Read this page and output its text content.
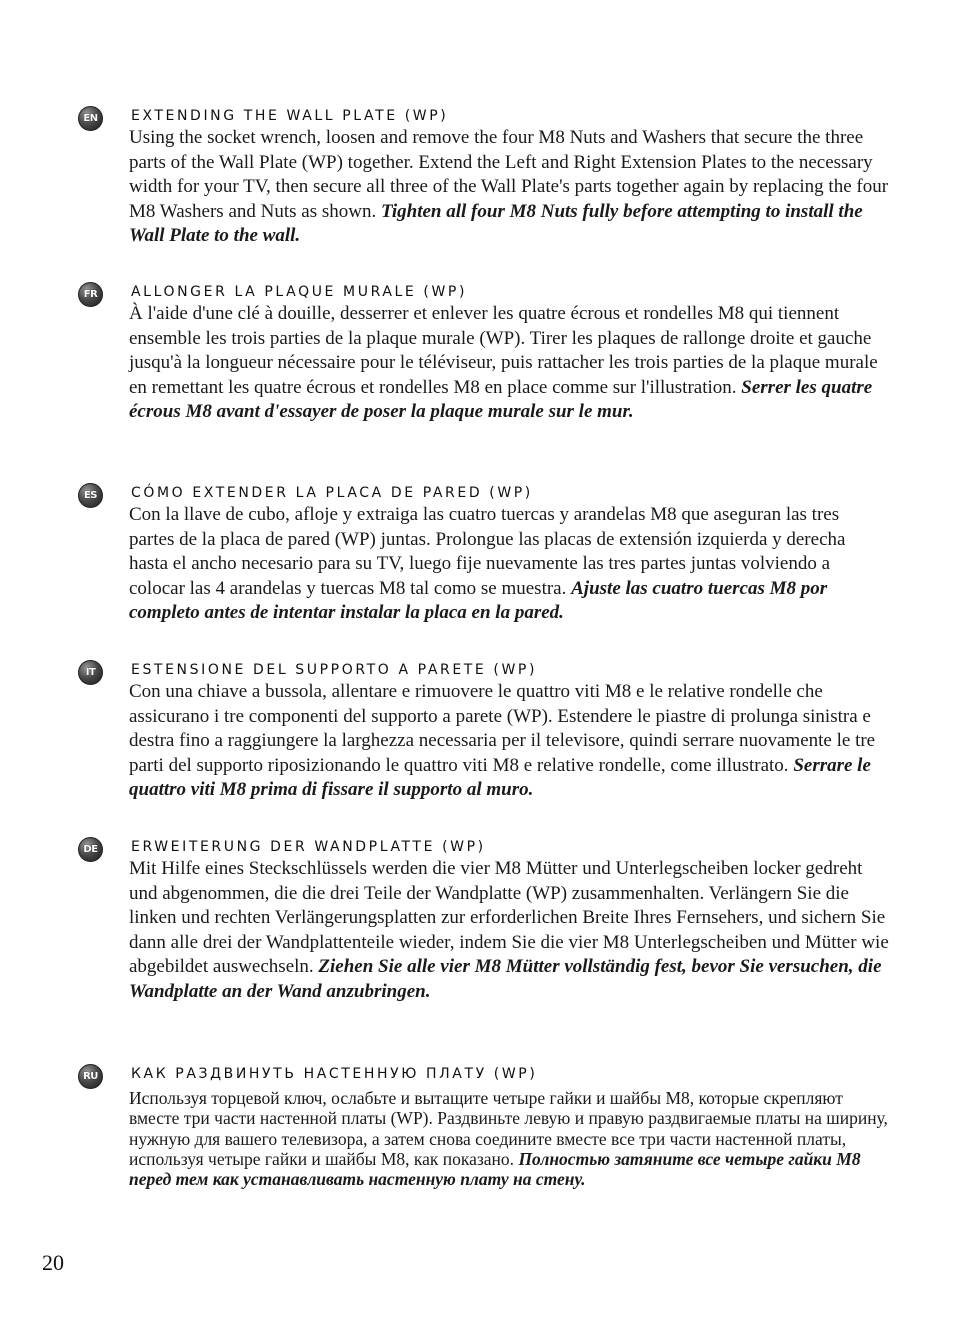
EN EXTENDING THE WALL PLATE (WP)

Using the socket wrench, loosen and remove the four M8 Nuts and Washers that secure the three parts of the Wall Plate (WP) together. Extend the Left and Right Extension Plates to the necessary width for your TV, then secure all three of the Wall Plate's parts together again by replacing the four M8 Washers and Nuts as shown. Tighten all four M8 Nuts fully before attempting to install the Wall Plate to the wall.

FR ALLONGER LA PLAQUE MURALE (WP)

À l'aide d'une clé à douille, desserrer et enlever les quatre écrous et rondelles M8 qui tiennent ensemble les trois parties de la plaque murale (WP). Tirer les plaques de rallonge droite et gauche jusqu'à la longueur nécessaire pour le téléviseur, puis rattacher les trois parties de la plaque murale en remettant les quatre écrous et rondelles M8 en place comme sur l'illustration. Serrer les quatre écrous M8 avant d'essayer de poser la plaque murale sur le mur.

ES CÓMO EXTENDER LA PLACA DE PARED (WP)

Con la llave de cubo, afloje y extraiga las cuatro tuercas y arandelas M8 que aseguran las tres partes de la placa de pared (WP) juntas. Prolongue las placas de extensión izquierda y derecha hasta el ancho necesario para su TV, luego fije nuevamente las tres partes juntas volviendo a colocar las 4 arandelas y tuercas M8 tal como se muestra. Ajuste las cuatro tuercas M8 por completo antes de intentar instalar la placa en la pared.

IT	ESTENSIONE DEL SUPPORTO A PARETE (WP)

Con una chiave a bussola, allentare e rimuovere le quattro viti M8 e le relative rondelle che assicurano i tre componenti del supporto a parete (WP). Estendere le piastre di prolunga sinistra e destra fino a raggiungere la larghezza necessaria per il televisore, quindi serrare nuovamente le tre parti del supporto riposizionando le quattro viti M8 e relative rondelle, come illustrato. Serrare le quattro viti M8 prima di fissare il supporto al muro.

DE ERWEITERUNG DER WANDPLATTE (WP)

Mit Hilfe eines Steckschlüssels werden die vier M8 Mütter und Unterlegscheiben locker gedreht und abgenommen, die die drei Teile der Wandplatte (WP) zusammenhalten. Verlängern Sie die linken und rechten Verlängerungsplatten zur erforderlichen Breite Ihres Fernsehers, und sichern Sie dann alle drei der Wandplattenteile wieder, indem Sie die vier M8 Unterlegscheiben und Mütter wie abgebildet auswechseln. Ziehen Sie alle vier M8 Mütter vollständig fest, bevor Sie versuchen, die Wandplatte an der Wand anzubringen.

RU КАК РАЗДВИНУТЬ НАСТЕННУЮ ПЛАТУ (WP)

Используя торцевой ключ, ослабьте и вытащите четыре гайки и шайбы M8, которые скрепляют вместе три части настенной платы (WP). Раздвиньте левую и правую раздвигаемые платы на ширину, нужную для вашего телевизора, а затем снова соедините вместе все три части настенной платы, используя четыре гайки и шайбы M8, как показано. Полностью затяните все четыре гайки M8 перед тем как устанавливать настенную плату на стену.

20
